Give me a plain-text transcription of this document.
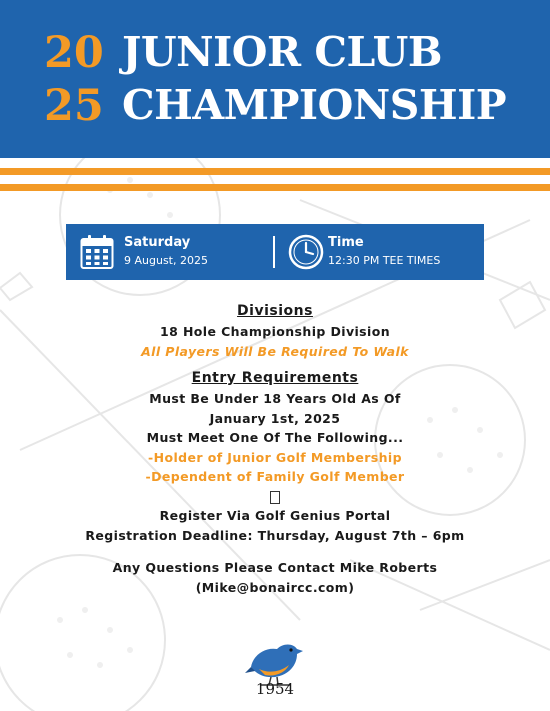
20
25
JUNIOR CLUB
CHAMPIONSHIP
Saturday
9 August, 2025
Time
12:30 PM TEE TIMES
Divisions
18 Hole Championship Division
All Players Will Be Required To Walk
Entry Requirements
Must Be Under 18 Years Old As Of
January 1st, 2025
Must Meet One Of The Following...
-Holder of Junior Golf Membership
-Dependent of Family Golf Member
Register Via Golf Genius Portal
Registration Deadline: Thursday, August 7th – 6pm
Any Questions Please Contact Mike Roberts
(Mike@bonaircc.com)
1954
